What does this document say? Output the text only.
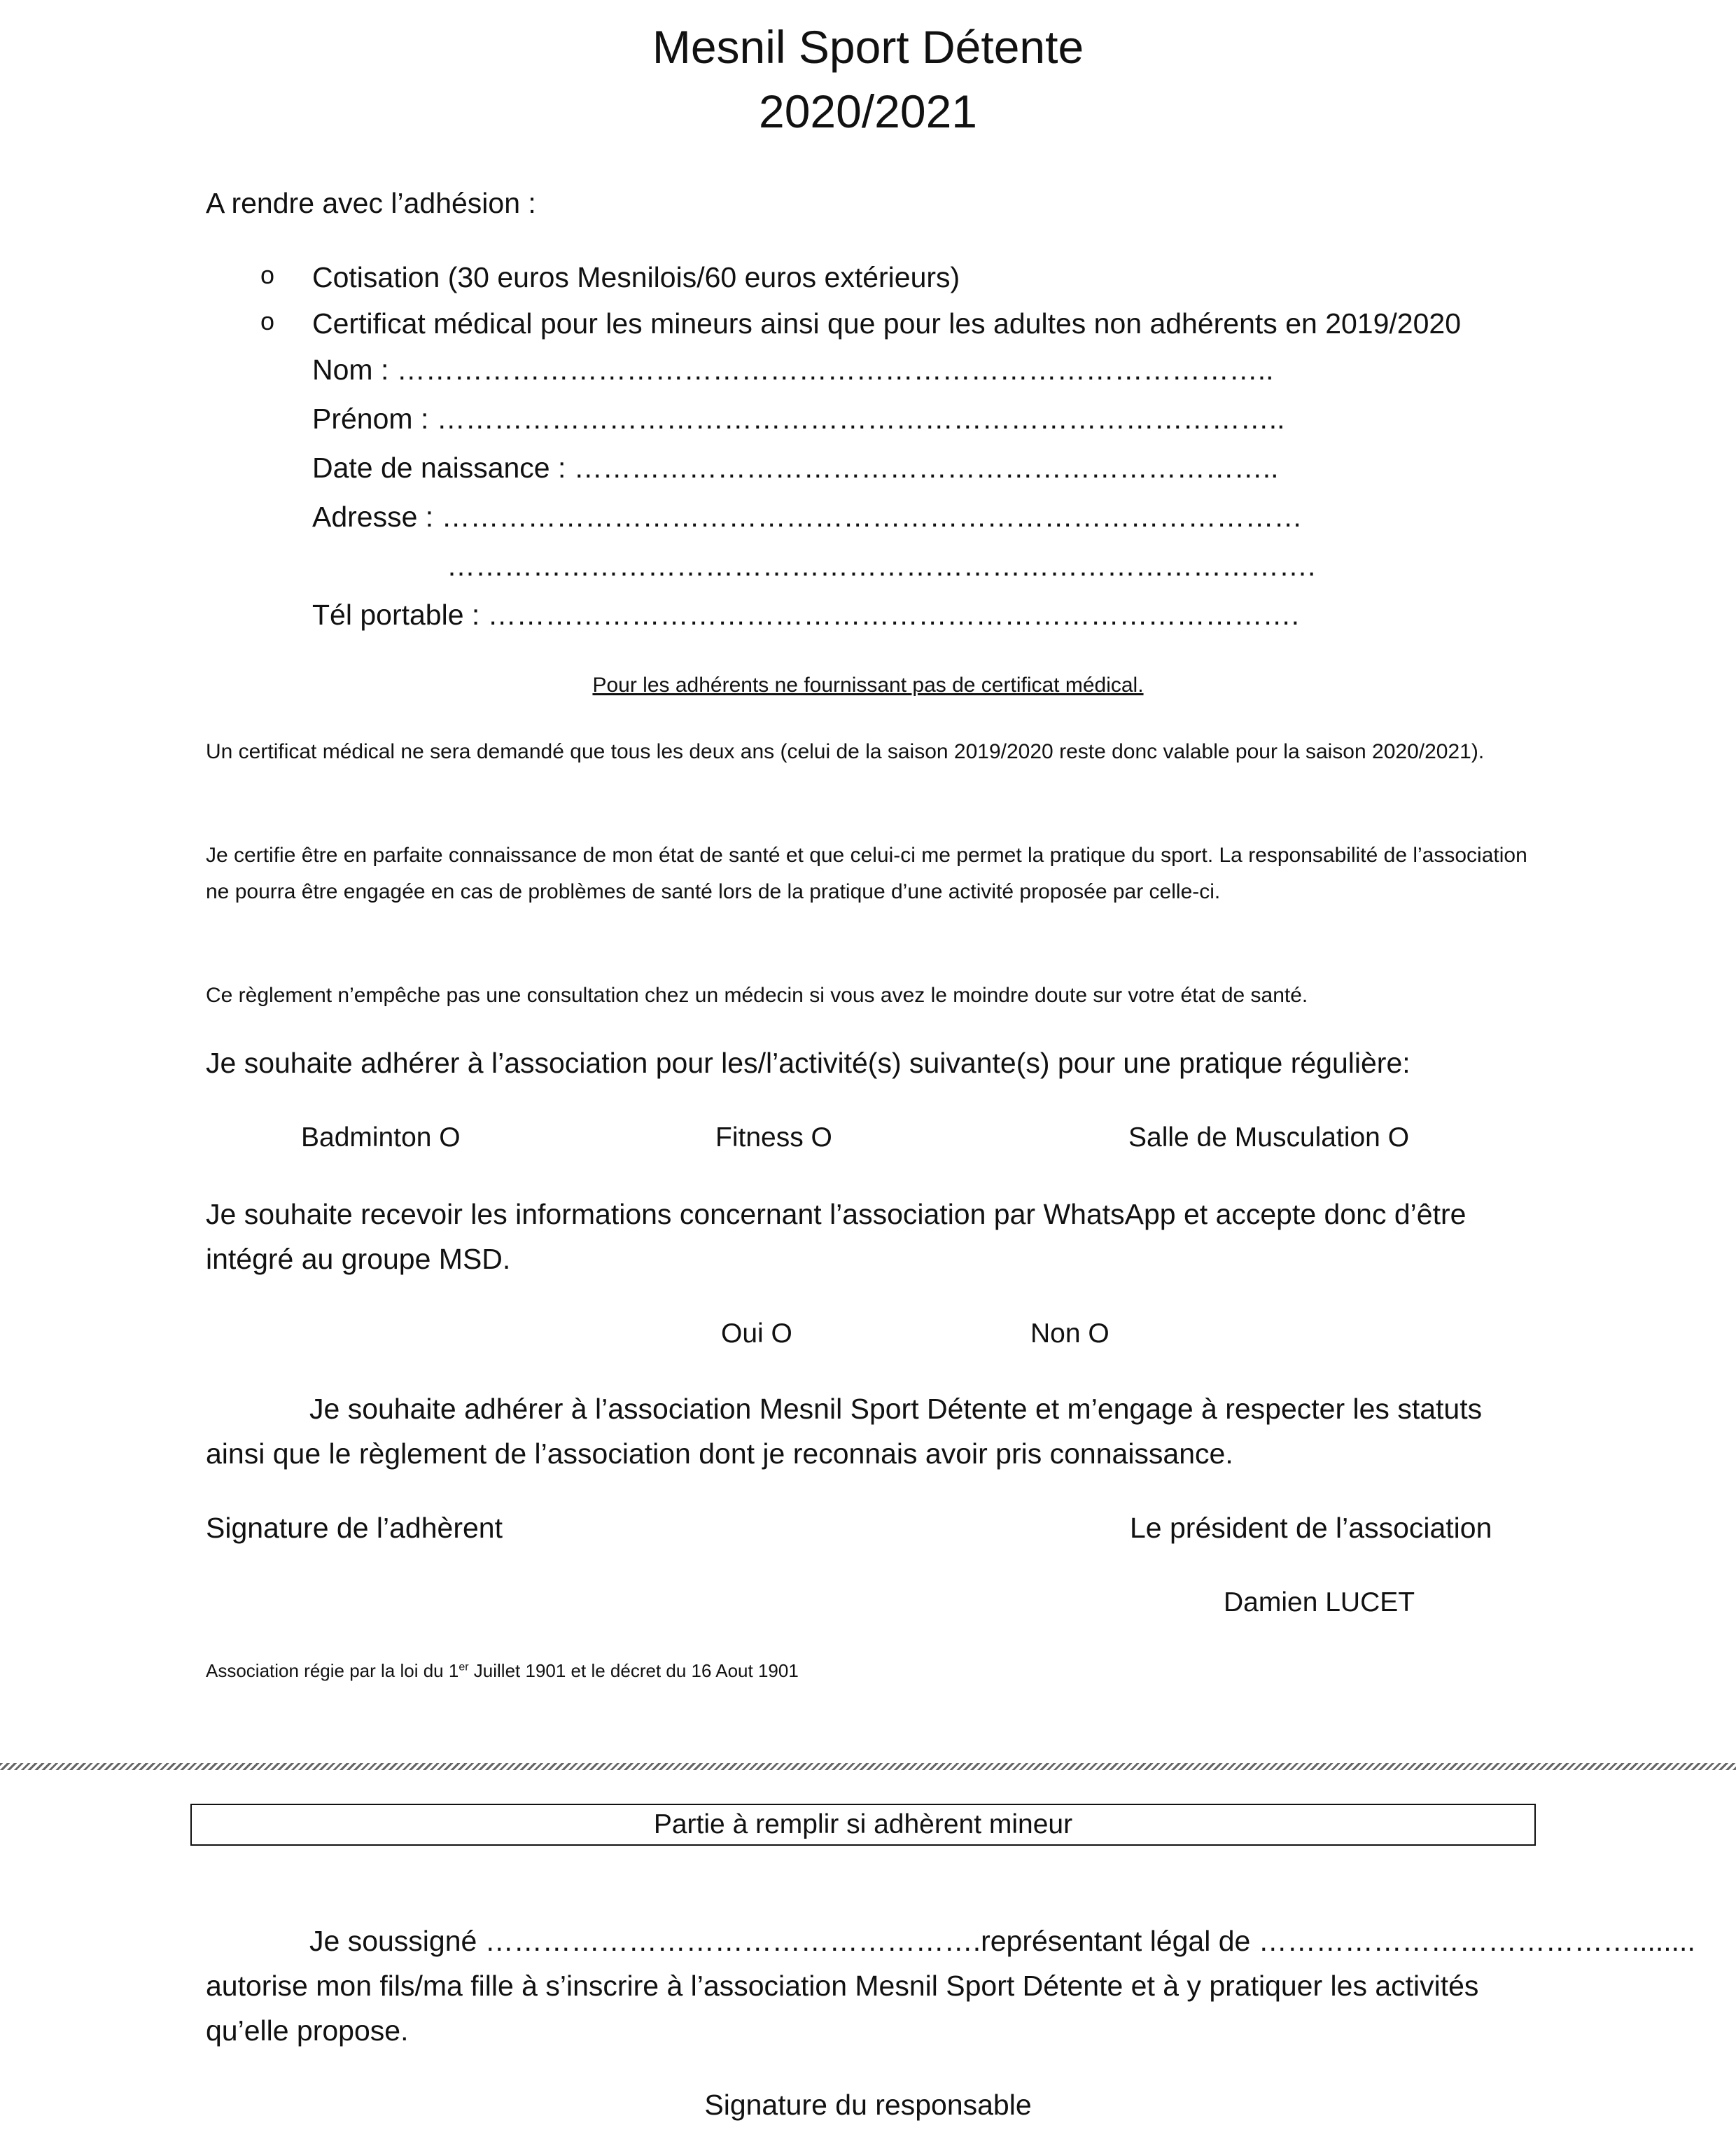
Mesnil Sport Détente
2020/2021
A rendre avec l’adhésion :
o Cotisation (30 euros Mesnilois/60 euros extérieurs)
o Certificat médical pour les mineurs ainsi que pour les adultes non adhérents en 2019/2020
Nom : ………………………………………………………………………………..
Prénom : ……………………………………………………………………………..
Date de naissance : ………………………………………………………………..
Adresse : ………………………………………………………………………………
……………………………………………………………………………….
Tél portable : ………………………………………………………………………….
Pour les adhérents ne fournissant pas de certificat médical.
Un certificat médical ne sera demandé que tous les deux ans (celui de la saison 2019/2020 reste donc valable pour la saison 2020/2021).
Je certifie être en parfaite connaissance de mon état de santé et que celui-ci me permet la pratique du sport. La responsabilité de l’association ne pourra être engagée en cas de problèmes de santé lors de la pratique d’une activité proposée par celle-ci.
Ce règlement n’empêche pas une consultation chez un médecin si vous avez le moindre doute sur votre état de santé.
Je souhaite adhérer à l’association pour les/l’activité(s) suivante(s) pour une pratique régulière:
Badminton O	Fitness O	Salle de Musculation O
Je souhaite recevoir les informations concernant l’association par WhatsApp et accepte donc d’être intégré au groupe MSD.
Oui O	Non O
Je souhaite adhérer à l’association Mesnil Sport Détente et m’engage à respecter les statuts ainsi que le règlement de l’association dont je reconnais avoir pris connaissance.
Signature de l’adhèrent	Le président de l’association
Damien LUCET
Association régie par la loi du 1er Juillet 1901 et le décret du 16 Aout 1901
Partie à remplir si adhèrent mineur
Je soussigné …………………………………………….représentant légal de …………………………………........
autorise mon fils/ma fille à s’inscrire à l’association Mesnil Sport Détente et à y pratiquer les activités
qu’elle propose.
Signature du responsable
